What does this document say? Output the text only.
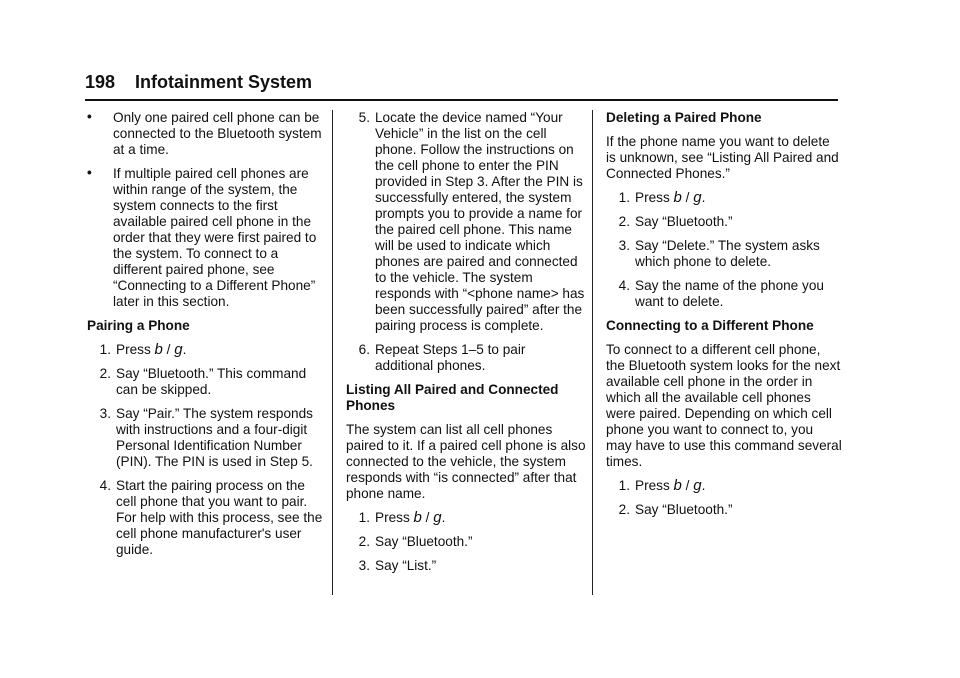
198 Infotainment System
• Only one paired cell phone can be connected to the Bluetooth system at a time.
• If multiple paired cell phones are within range of the system, the system connects to the first available paired cell phone in the order that they were first paired to the system. To connect to a different paired phone, see “Connecting to a Different Phone” later in this section.
Pairing a Phone
1. Press b / g.
2. Say “Bluetooth.” This command can be skipped.
3. Say “Pair.” The system responds with instructions and a four-digit Personal Identification Number (PIN). The PIN is used in Step 5.
4. Start the pairing process on the cell phone that you want to pair. For help with this process, see the cell phone manufacturer's user guide.
5. Locate the device named “Your Vehicle” in the list on the cell phone. Follow the instructions on the cell phone to enter the PIN provided in Step 3. After the PIN is successfully entered, the system prompts you to provide a name for the paired cell phone. This name will be used to indicate which phones are paired and connected to the vehicle. The system responds with “<phone name> has been successfully paired” after the pairing process is complete.
6. Repeat Steps 1–5 to pair additional phones.
Listing All Paired and Connected Phones
The system can list all cell phones paired to it. If a paired cell phone is also connected to the vehicle, the system responds with “is connected” after that phone name.
1. Press b / g.
2. Say “Bluetooth.”
3. Say “List.”
Deleting a Paired Phone
If the phone name you want to delete is unknown, see “Listing All Paired and Connected Phones.”
1. Press b / g.
2. Say “Bluetooth.”
3. Say “Delete.” The system asks which phone to delete.
4. Say the name of the phone you want to delete.
Connecting to a Different Phone
To connect to a different cell phone, the Bluetooth system looks for the next available cell phone in the order in which all the available cell phones were paired. Depending on which cell phone you want to connect to, you may have to use this command several times.
1. Press b / g.
2. Say “Bluetooth.”
